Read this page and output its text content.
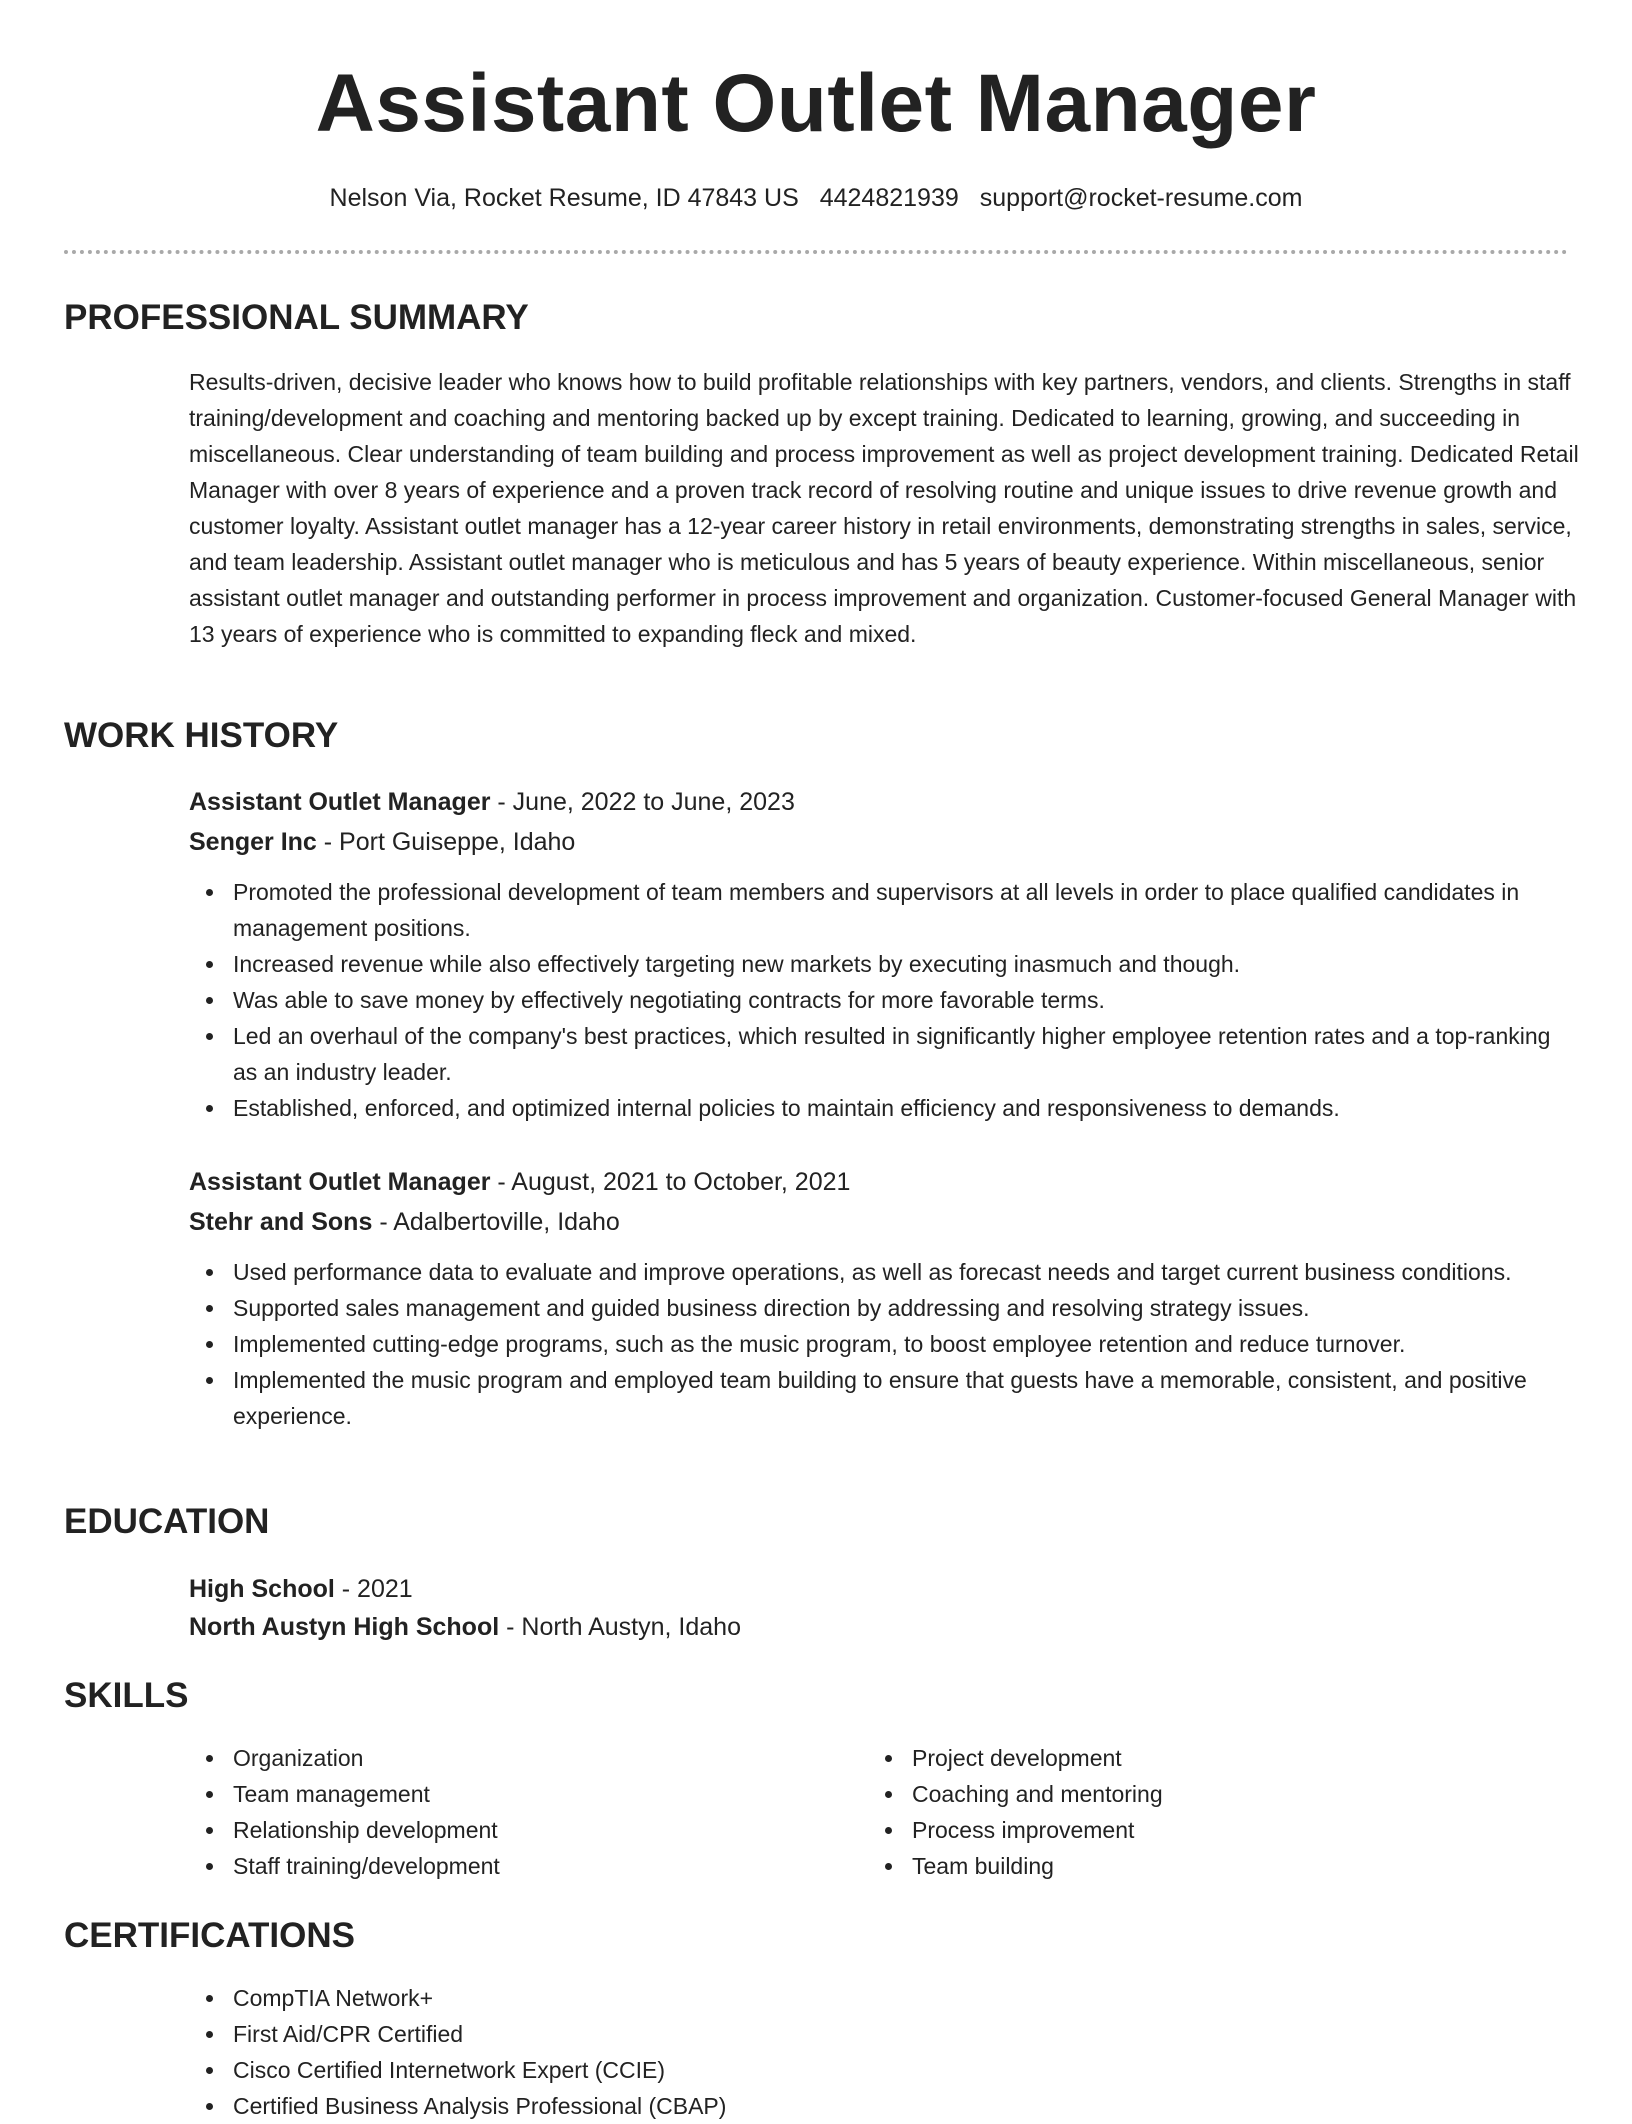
Assistant Outlet Manager
Nelson Via, Rocket Resume, ID 47843 US 4424821939 support@rocket-resume.com
PROFESSIONAL SUMMARY

Results-driven, decisive leader who knows how to build profitable relationships with key partners, vendors, and clients. Strengths in staff training/development and coaching and mentoring backed up by except training. Dedicated to learning, growing, and succeeding in miscellaneous. Clear understanding of team building and process improvement as well as project development training. Dedicated Retail Manager with over 8 years of experience and a proven track record of resolving routine and unique issues to drive revenue growth and customer loyalty. Assistant outlet manager has a 12-year career history in retail environments, demonstrating strengths in sales, service, and team leadership. Assistant outlet manager who is meticulous and has 5 years of beauty experience. Within miscellaneous, senior assistant outlet manager and outstanding performer in process improvement and organization. Customer-focused General Manager with 13 years of experience who is committed to expanding fleck and mixed.

WORK HISTORY

Assistant Outlet Manager - June, 2022 to June, 2023

Senger Inc - Port Guiseppe, Idaho

Promoted the professional development of team members and supervisors at all levels in order to place qualified candidates in management positions.
Increased revenue while also effectively targeting new markets by executing inasmuch and though.
Was able to save money by effectively negotiating contracts for more favorable terms.
Led an overhaul of the company's best practices, which resulted in significantly higher employee retention rates and a top-ranking as an industry leader.
Established, enforced, and optimized internal policies to maintain efficiency and responsiveness to demands.

Assistant Outlet Manager - August, 2021 to October, 2021

Stehr and Sons - Adalbertoville, Idaho

Used performance data to evaluate and improve operations, as well as forecast needs and target current business conditions.
Supported sales management and guided business direction by addressing and resolving strategy issues.
Implemented cutting-edge programs, such as the music program, to boost employee retention and reduce turnover.
Implemented the music program and employed team building to ensure that guests have a memorable, consistent, and positive experience.
EDUCATION

High School - 2021

North Austyn High School - North Austyn, Idaho

SKILLS
Organization
Team management
Relationship development
Staff training/development
Project development
Coaching and mentoring
Process improvement
Team building
CERTIFICATIONS
CompTIA Network+
First Aid/CPR Certified
Cisco Certified Internetwork Expert (CCIE)
Certified Business Analysis Professional (CBAP)
